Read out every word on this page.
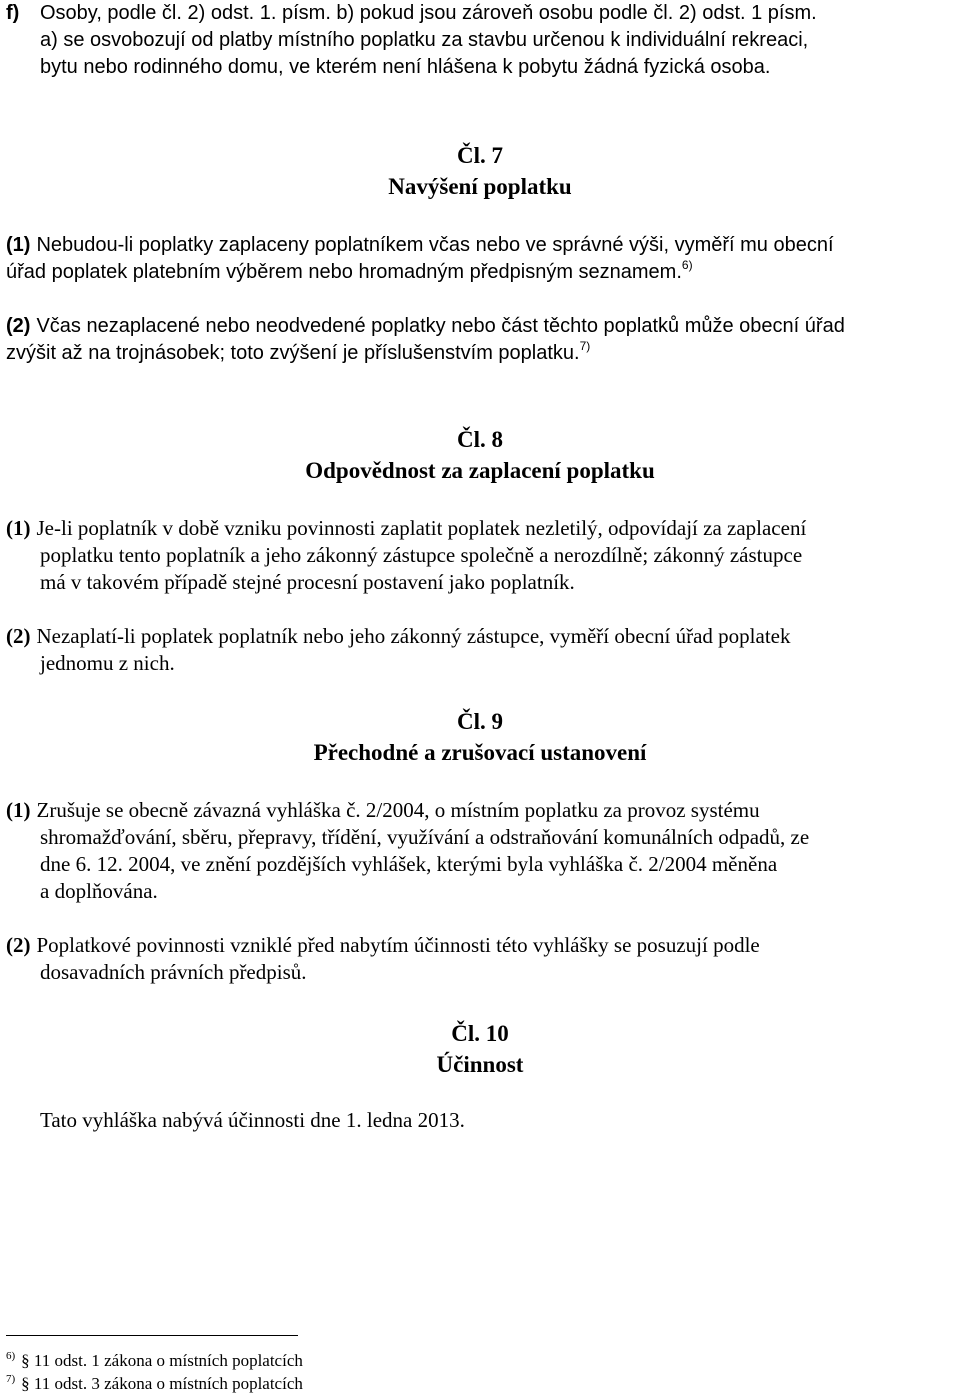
f) Osoby, podle čl. 2) odst. 1. písm. b) pokud jsou zároveň osobu podle čl. 2) odst. 1 písm.
a) se osvobozují od platby místního poplatku za stavbu určenou k individuální rekreaci,
bytu nebo rodinného domu, ve kterém není hlášena k pobytu žádná fyzická osoba.
Čl. 7
Navýšení poplatku
(1) Nebudou-li poplatky zaplaceny poplatníkem včas nebo ve správné výši, vyměří mu obecní
úřad poplatek platebním výběrem nebo hromadným předpisným seznamem.$^{6)}$
(2) Včas nezaplacené nebo neodvedené poplatky nebo část těchto poplatků může obecní úřad
zvýšit až na trojnásobek; toto zvýšení je příslušenstvím poplatku.$^{7)}$
Čl. 8
Odpovědnost za zaplacení poplatku
(1) Je-li poplatník v době vzniku povinnosti zaplatit poplatek nezletilý, odpovídají za zaplacení
poplatku tento poplatník a jeho zákonný zástupce společně a nerozdílně; zákonný zástupce
má v takovém případě stejné procesní postavení jako poplatník.
(2) Nezaplatí-li poplatek poplatník nebo jeho zákonný zástupce, vyměří obecní úřad poplatek
jednomu z nich.
Čl. 9
Přechodné a zrušovací ustanovení
(1) Zrušuje se obecně závazná vyhláška č. 2/2004, o místním poplatku za provoz systému
shromažďování, sběru, přepravy, třídění, využívání a odstraňování komunálních odpadů, ze
dne 6. 12. 2004, ve znění pozdějších vyhlášek, kterými byla vyhláška č. 2/2004 měněna
a doplňována.
(2) Poplatkové povinnosti vzniklé před nabytím účinnosti této vyhlášky se posuzují podle
dosavadních právních předpisů.
Čl. 10
Účinnost
Tato vyhláška nabývá účinnosti dne 1. ledna 2013.
$^{6)}$ § 11 odst. 1 zákona o místních poplatcích
$^{7)}$ § 11 odst. 3 zákona o místních poplatcích
